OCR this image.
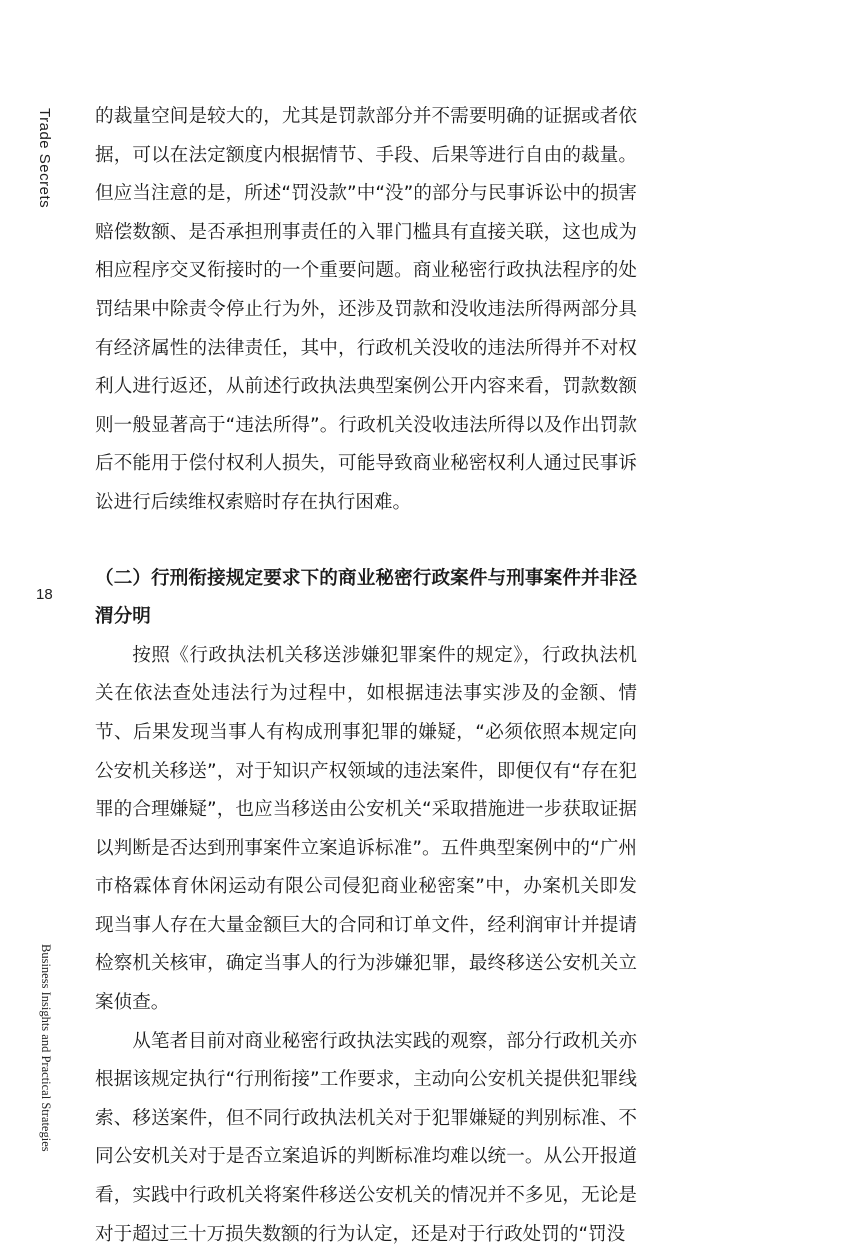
Trade Secrets
18
Business Insights and Practical Strategies

的裁量空间是较大的，尤其是罚款部分并不需要明确的证据或者依据，可以在法定额度内根据情节、手段、后果等进行自由的裁量。但应当注意的是，所述“罚没款”中“没”的部分与民事诉讼中的损害赔偿数额、是否承担刑事责任的入罪门槛具有直接关联，这也成为相应程序交叉衔接时的一个重要问题。商业秘密行政执法程序的处罚结果中除责令停止行为外，还涉及罚款和没收违法所得两部分具有经济属性的法律责任，其中，行政机关没收的违法所得并不对权利人进行返还，从前述行政执法典型案例公开内容来看，罚款数额则一般显著高于“违法所得”。行政机关没收违法所得以及作出罚款后不能用于偿付权利人损失，可能导致商业秘密权利人通过民事诉讼进行后续维权索赔时存在执行困难。

（二）行刑衔接规定要求下的商业秘密行政案件与刑事案件并非泾渭分明

按照《行政执法机关移送涉嫌犯罪案件的规定》，行政执法机关在依法查处违法行为过程中，如根据违法事实涉及的金额、情节、后果发现当事人有构成刑事犯罪的嫌疑，“必须依照本规定向公安机关移送”，对于知识产权领域的违法案件，即便仅有“存在犯罪的合理嫌疑”，也应当移送由公安机关“采取措施进一步获取证据以判断是否达到刑事案件立案追诉标准”。五件典型案例中的“广州市格霖体育休闲运动有限公司侵犯商业秘密案”中，办案机关即发现当事人存在大量金额巨大的合同和订单文件，经利润审计并提请检察机关核审，确定当事人的行为涉嫌犯罪，最终移送公安机关立案侦查。

从笔者目前对商业秘密行政执法实践的观察，部分行政机关亦根据该规定执行“行刑衔接”工作要求，主动向公安机关提供犯罪线索、移送案件，但不同行政执法机关对于犯罪嫌疑的判别标准、不同公安机关对于是否立案追诉的判断标准均难以统一。从公开报道看，实践中行政机关将案件移送公安机关的情况并不多见，无论是对于超过三十万损失数额的行为认定，还是对于行政处罚的“罚没
